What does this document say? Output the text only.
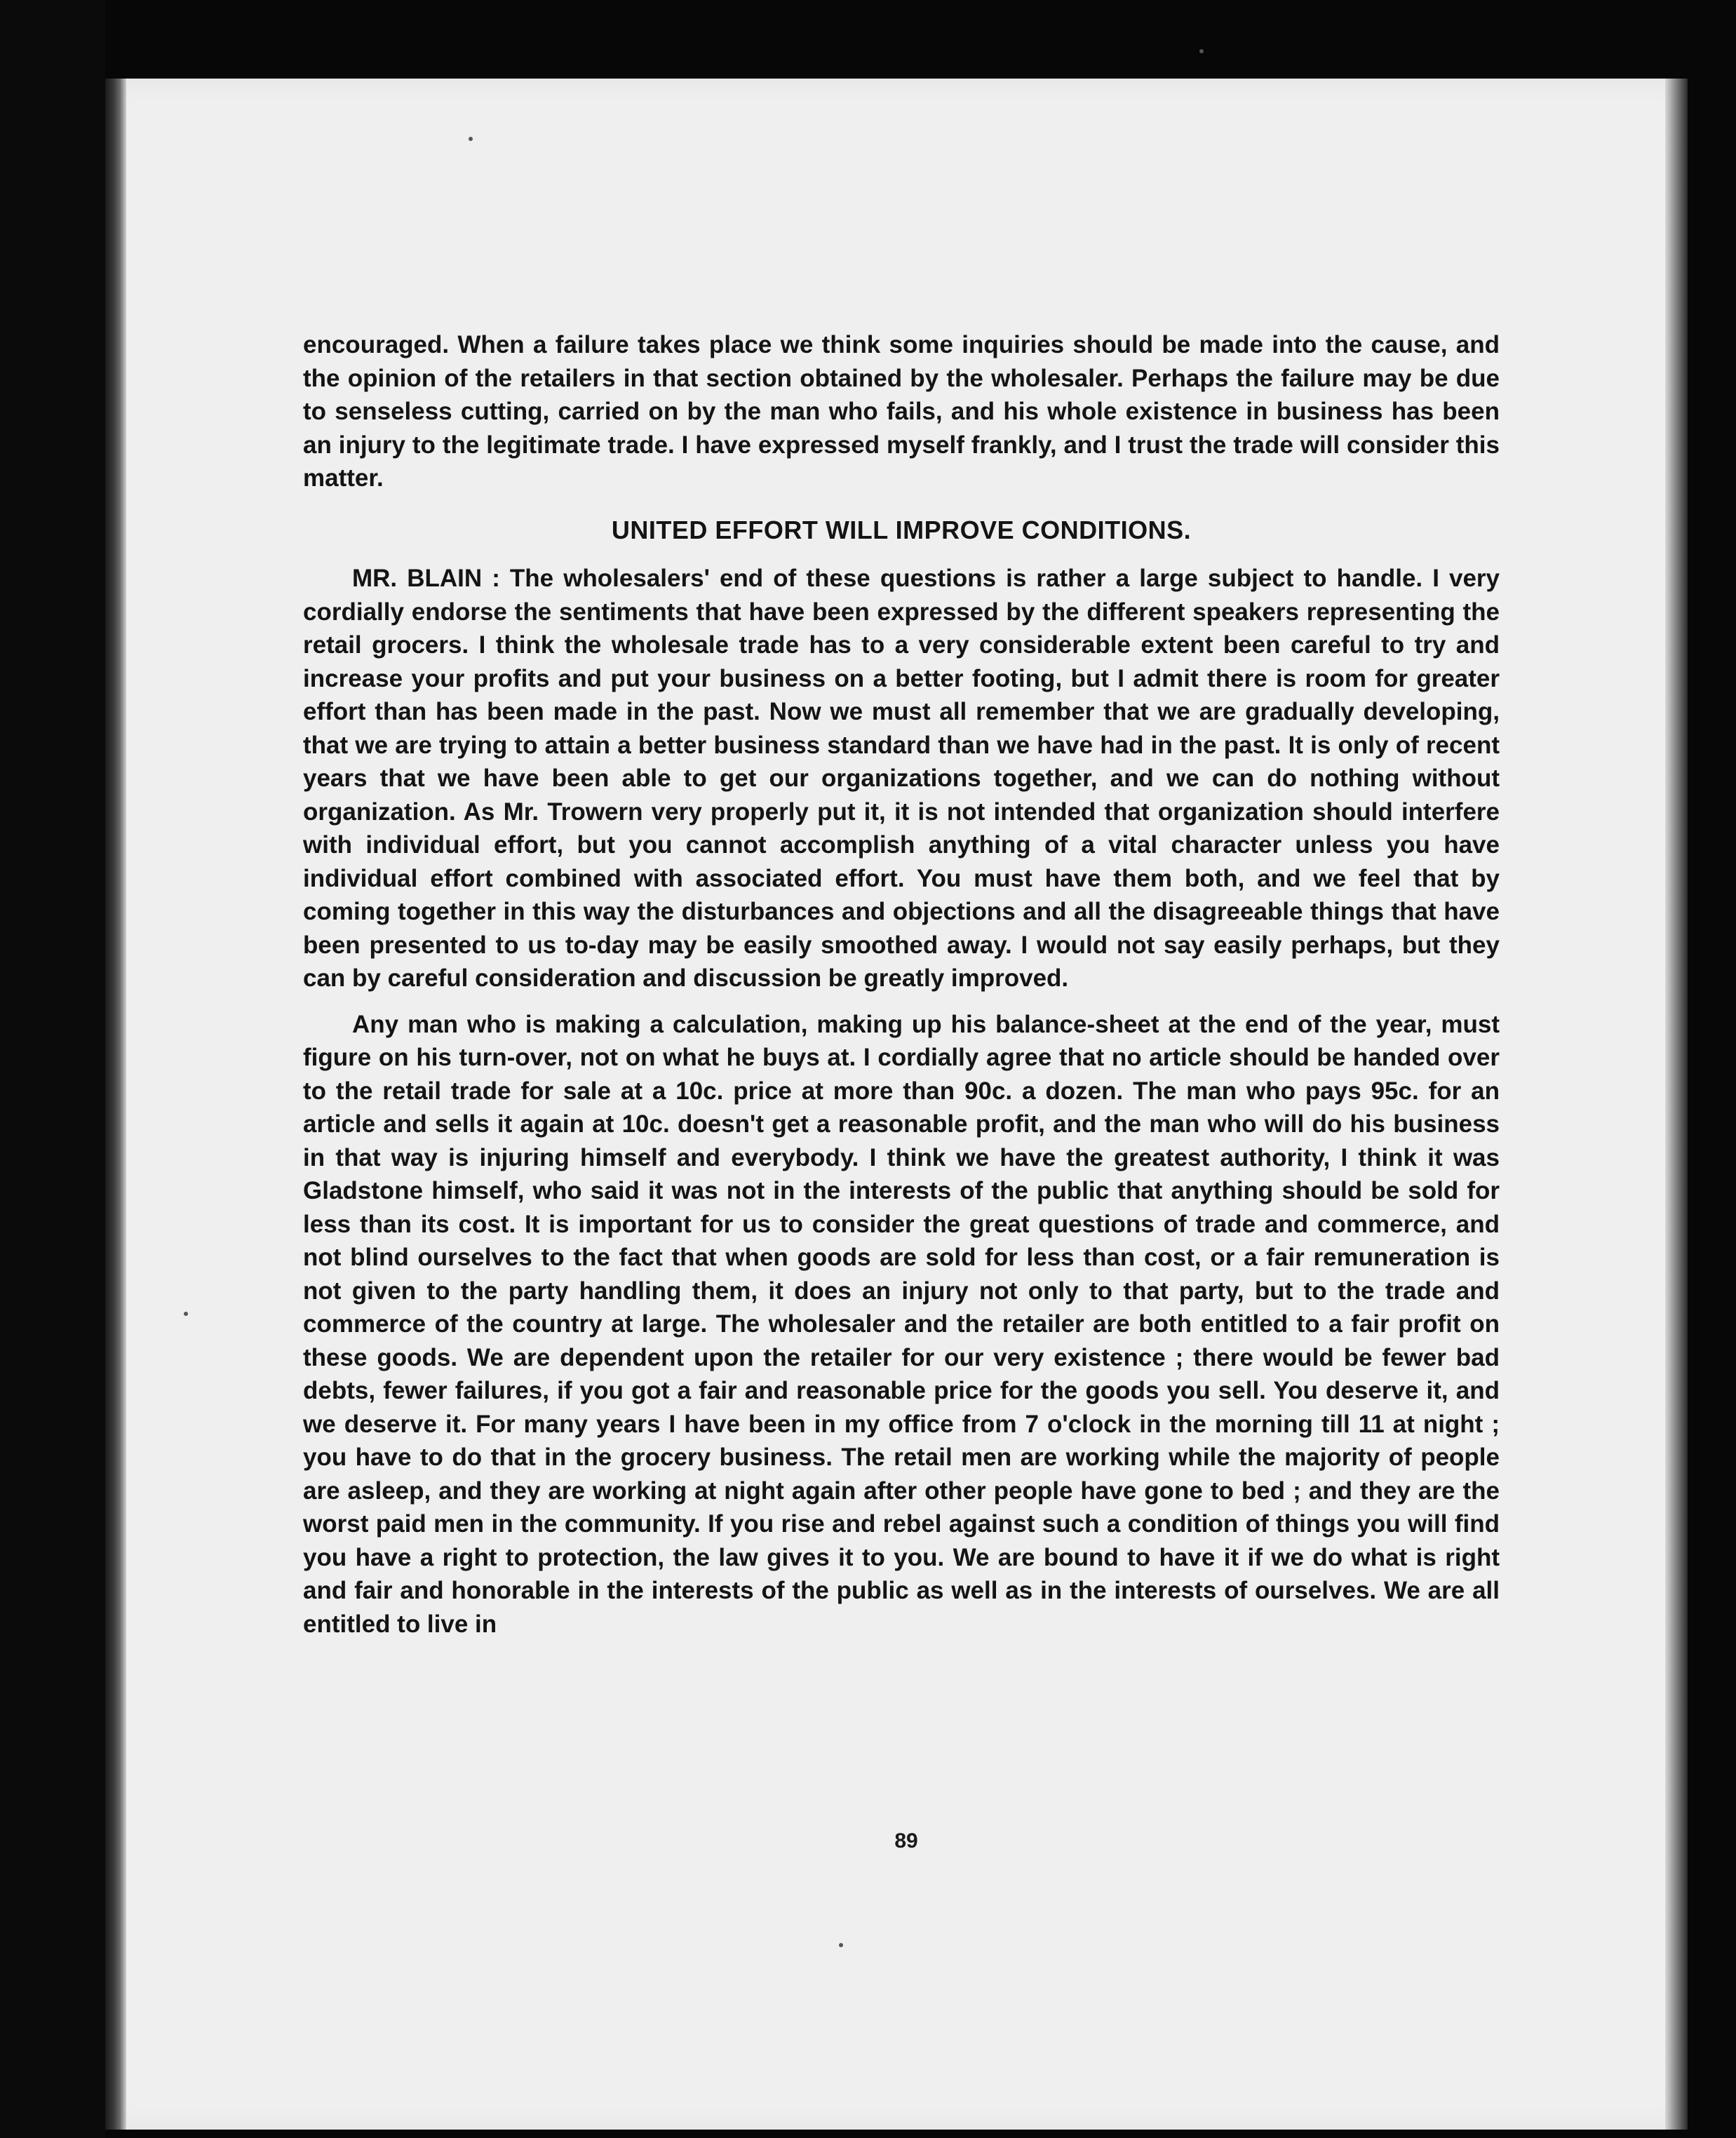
encouraged. When a failure takes place we think some inquiries should be made into the cause, and the opinion of the retailers in that section obtained by the wholesaler. Perhaps the failure may be due to senseless cutting, carried on by the man who fails, and his whole existence in business has been an injury to the legitimate trade. I have expressed myself frankly, and I trust the trade will consider this matter.

UNITED EFFORT WILL IMPROVE CONDITIONS.

MR. BLAIN : The wholesalers' end of these questions is rather a large subject to handle. I very cordially endorse the sentiments that have been expressed by the different speakers representing the retail grocers. I think the wholesale trade has to a very considerable extent been careful to try and increase your profits and put your business on a better footing, but I admit there is room for greater effort than has been made in the past. Now we must all remember that we are gradually developing, that we are trying to attain a better business standard than we have had in the past. It is only of recent years that we have been able to get our organizations together, and we can do nothing without organization. As Mr. Trowern very properly put it, it is not intended that organization should interfere with individual effort, but you cannot accomplish anything of a vital character unless you have individual effort combined with associated effort. You must have them both, and we feel that by coming together in this way the disturbances and objections and all the disagreeable things that have been presented to us to-day may be easily smoothed away. I would not say easily perhaps, but they can by careful consideration and discussion be greatly improved.

Any man who is making a calculation, making up his balance-sheet at the end of the year, must figure on his turn-over, not on what he buys at. I cordially agree that no article should be handed over to the retail trade for sale at a 10c. price at more than 90c. a dozen. The man who pays 95c. for an article and sells it again at 10c. doesn't get a reasonable profit, and the man who will do his business in that way is injuring himself and everybody. I think we have the greatest authority, I think it was Gladstone himself, who said it was not in the interests of the public that anything should be sold for less than its cost. It is important for us to consider the great questions of trade and commerce, and not blind ourselves to the fact that when goods are sold for less than cost, or a fair remuneration is not given to the party handling them, it does an injury not only to that party, but to the trade and commerce of the country at large. The wholesaler and the retailer are both entitled to a fair profit on these goods. We are dependent upon the retailer for our very existence ; there would be fewer bad debts, fewer failures, if you got a fair and reasonable price for the goods you sell. You deserve it, and we deserve it. For many years I have been in my office from 7 o'clock in the morning till 11 at night ; you have to do that in the grocery business. The retail men are working while the majority of people are asleep, and they are working at night again after other people have gone to bed ; and they are the worst paid men in the community. If you rise and rebel against such a condition of things you will find you have a right to protection, the law gives it to you. We are bound to have it if we do what is right and fair and honorable in the interests of the public as well as in the interests of ourselves. We are all entitled to live in

89
